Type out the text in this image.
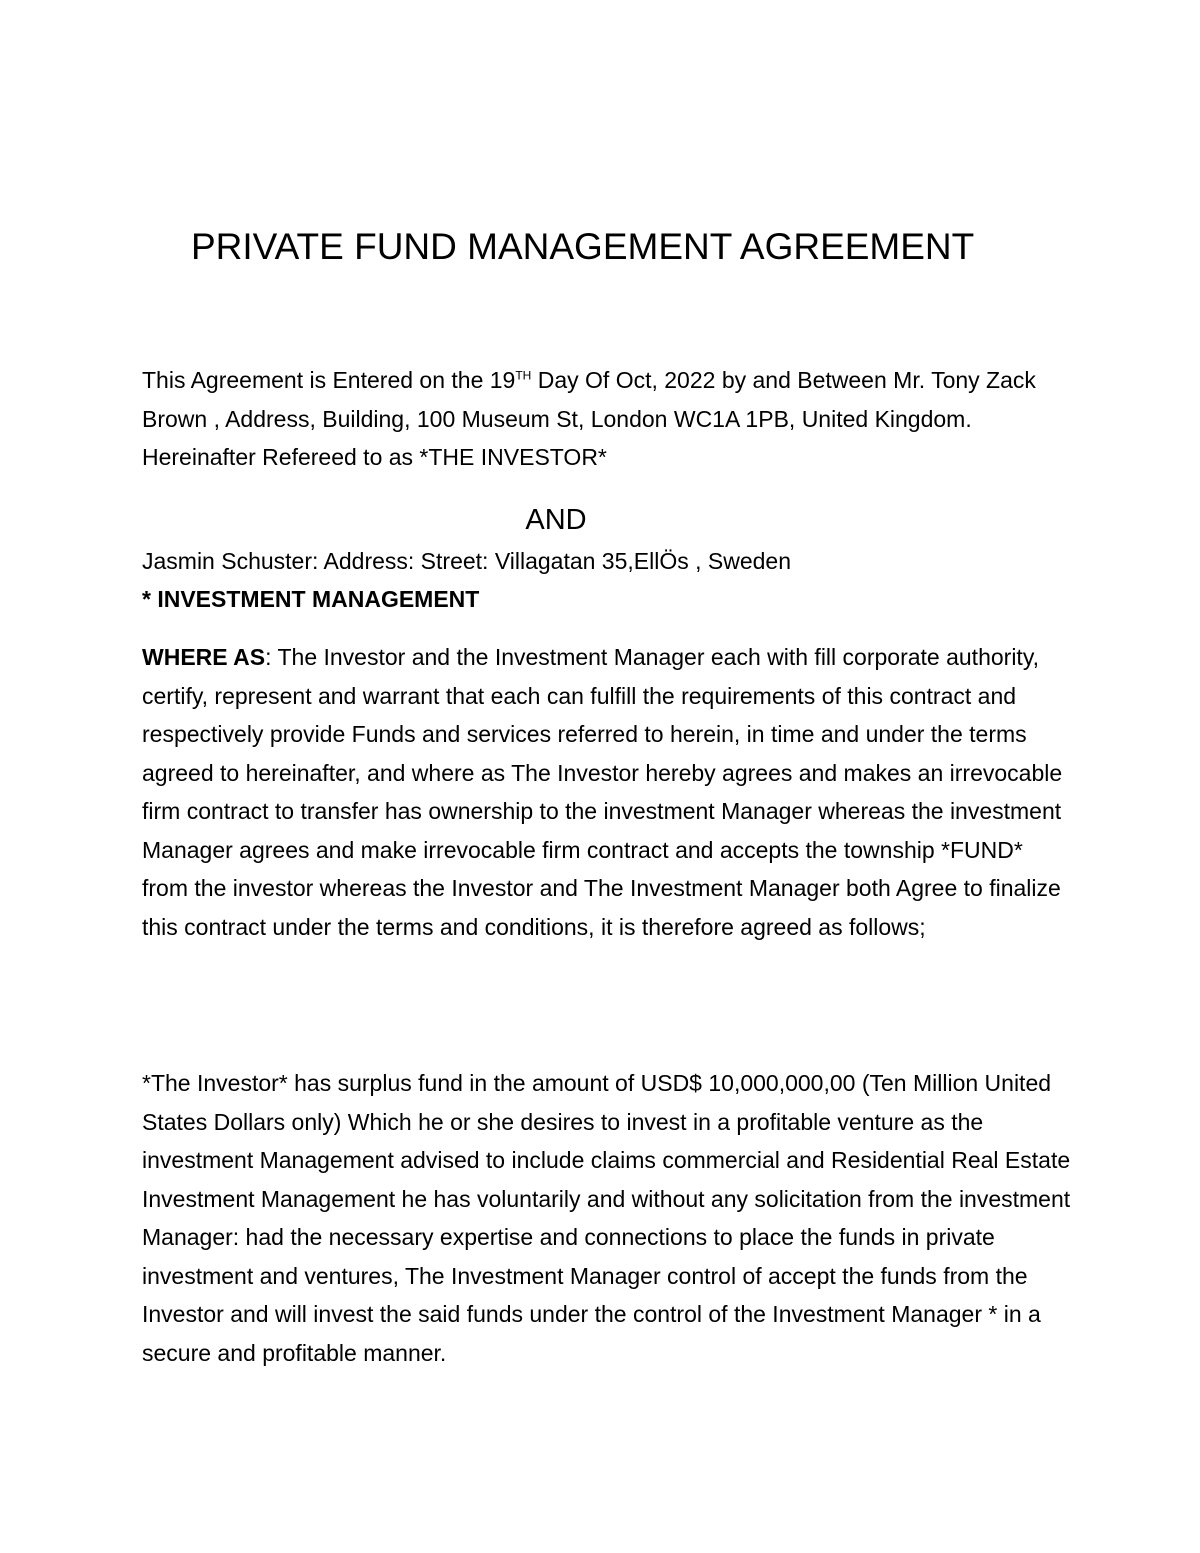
PRIVATE FUND MANAGEMENT AGREEMENT

This Agreement is Entered on the 19TH Day Of Oct, 2022 by and Between Mr. Tony Zack Brown , Address, Building, 100 Museum St, London WC1A 1PB, United Kingdom. Hereinafter Refereed to as *THE INVESTOR*

AND
Jasmin Schuster: Address: Street: Villagatan 35,EllÖs , Sweden
* INVESTMENT MANAGEMENT

WHERE AS: The Investor and the Investment Manager each with fill corporate authority, certify, represent and warrant that each can fulfill the requirements of this contract and respectively provide Funds and services referred to herein, in time and under the terms agreed to hereinafter, and where as The Investor hereby agrees and makes an irrevocable firm contract to transfer has ownership to the investment Manager whereas the investment Manager agrees and make irrevocable firm contract and accepts the township *FUND* from the investor whereas the Investor and The Investment Manager both Agree to finalize this contract under the terms and conditions, it is therefore agreed as follows;

*The Investor* has surplus fund in the amount of USD$ 10,000,000,00 (Ten Million United States Dollars only) Which he or she desires to invest in a profitable venture as the investment Management advised to include claims commercial and Residential Real Estate Investment Management he has voluntarily and without any solicitation from the investment Manager: had the necessary expertise and connections to place the funds in private investment and ventures, The Investment Manager control of accept the funds from the Investor and will invest the said funds under the control of the Investment Manager * in a secure and profitable manner.
